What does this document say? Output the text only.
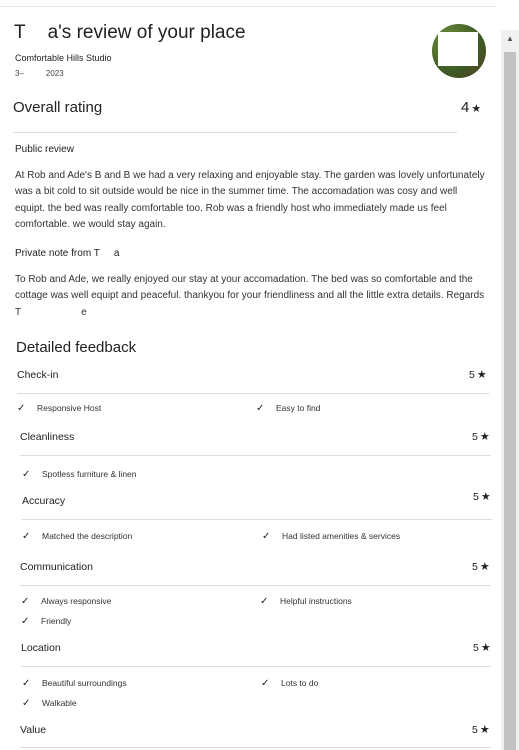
T a's review of your place
Comfortable Hills Studio
3–	2023
Overall rating	4 ★
Public review
At Rob and Ade's B and B we had a very relaxing and enjoyable stay. The garden was lovely unfortunately was a bit cold to sit outside would be nice in the summer time. The accomadation was cosy and well equipt. the bed was really comfortable too. Rob was a friendly host who immediately made us feel comfortable. we would stay again.
Private note from T a
To Rob and Ade, we really enjoyed our stay at your accomadation. The bed was so comfortable and the cottage was well equipt and peaceful. thankyou for your friendliness and all the little extra details. Regards T	e
Detailed feedback
Check-in	5 ★
✓ Responsive Host	✓ Easy to find
Cleanliness	5 ★
✓ Spotless furniture & linen
Accuracy	5 ★
✓ Matched the description	✓ Had listed amenities & services
Communication	5 ★
✓ Always responsive	✓ Helpful instructions
✓ Friendly
Location	5 ★
✓ Beautiful surroundings	✓ Lots to do
✓ Walkable
Value	5 ★
▲
